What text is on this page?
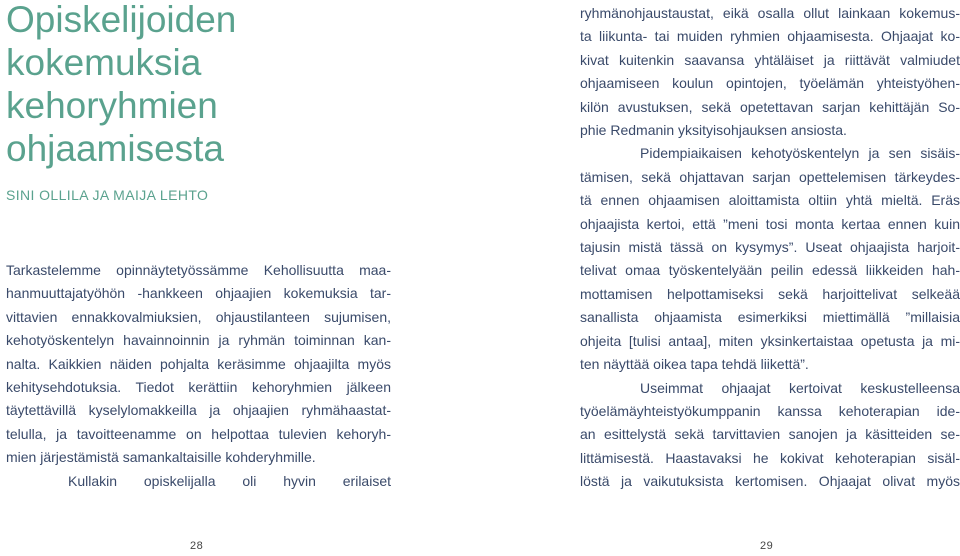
Opiskelijoiden
kokemuksia
kehoryhmien
ohjaamisesta
SINI OLLILA JA MAIJA LEHTO
Tarkastelemme opinnäytetyössämme Kehollisuutta maa-
hanmuuttajatyöhön -hankkeen ohjaajien kokemuksia tar-
vittavien ennakkovalmiuksien, ohjaustilanteen sujumisen,
kehotyöskentelyn havainnoinnin ja ryhmän toiminnan kan-
nalta. Kaikkien näiden pohjalta keräsimme ohjaajilta myös
kehitysehdotuksia. Tiedot kerättiin kehoryhmien jälkeen
täytettävillä kyselylomakkeilla ja ohjaajien ryhmähaastat-
telulla, ja tavoitteenamme on helpottaa tulevien kehoryh-
mien järjestämistä samankaltaisille kohderyhmille.
Kullakin opiskelijalla oli hyvin erilaiset
28
ryhmänohjaustaustat, eikä osalla ollut lainkaan kokemus-
ta liikunta- tai muiden ryhmien ohjaamisesta. Ohjaajat ko-
kivat kuitenkin saavansa yhtäläiset ja riittävät valmiudet
ohjaamiseen koulun opintojen, työelämän yhteistyöhen-
kilön avustuksen, sekä opetettavan sarjan kehittäjän So-
phie Redmanin yksityisohjauksen ansiosta.
Pidempiaikaisen kehotyöskentelyn ja sen sisäis-
tämisen, sekä ohjattavan sarjan opettelemisen tärkeydes-
tä ennen ohjaamisen aloittamista oltiin yhtä mieltä. Eräs
ohjaajista kertoi, että ”meni tosi monta kertaa ennen kuin
tajusin mistä tässä on kysymys”. Useat ohjaajista harjoit-
telivat omaa työskentelyään peilin edessä liikkeiden hah-
mottamisen helpottamiseksi sekä harjoittelivat selkeää
sanallista ohjaamista esimerkiksi miettimällä ”millaisia
ohjeita [tulisi antaa], miten yksinkertaistaa opetusta ja mi-
ten näyttää oikea tapa tehdä liikettä”.
Useimmat ohjaajat kertoivat keskustelleensa
työelämäyhteistyökumppanin kanssa kehoterapian ide-
an esittelystä sekä tarvittavien sanojen ja käsitteiden se-
littämisestä. Haastavaksi he kokivat kehoterapian sisäl-
löstä ja vaikutuksista kertomisen. Ohjaajat olivat myös
29
